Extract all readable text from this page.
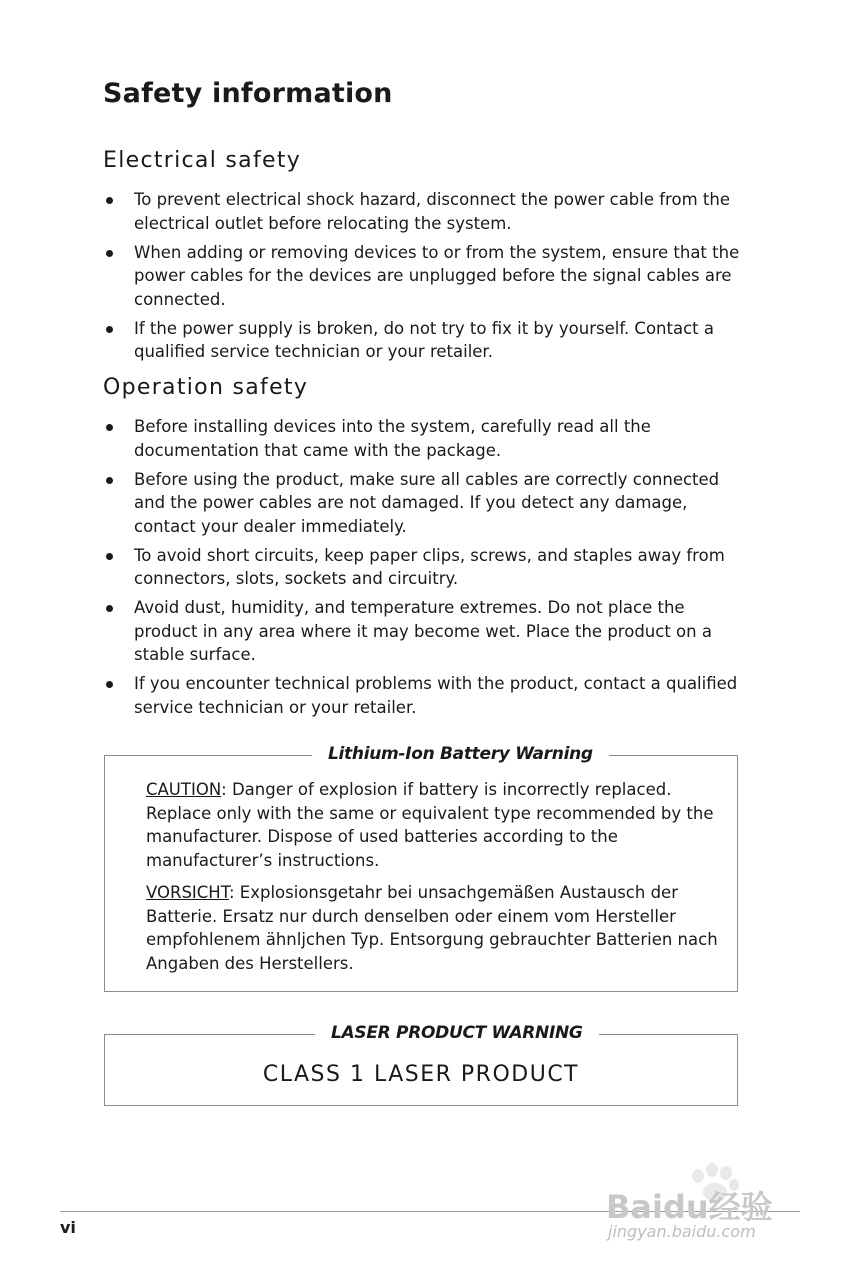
Safety information
Electrical safety
To prevent electrical shock hazard, disconnect the power cable from the electrical outlet before relocating the system.
When adding or removing devices to or from the system, ensure that the power cables for the devices are unplugged before the signal cables are connected.
If the power supply is broken, do not try to fix it by yourself. Contact a qualified service technician or your retailer.
Operation safety
Before installing devices into the system, carefully read all the documentation that came with the package.
Before using the product, make sure all cables are correctly connected and the power cables are not damaged. If you detect any damage, contact your dealer immediately.
To avoid short circuits, keep paper clips, screws, and staples away from connectors, slots, sockets and circuitry.
Avoid dust, humidity, and temperature extremes. Do not place the product in any area where it may become wet. Place the product on a stable surface.
If you encounter technical problems with the product, contact a qualified service technician or your retailer.
Lithium-Ion Battery Warning

CAUTION: Danger of explosion if battery is incorrectly replaced. Replace only with the same or equivalent type recommended by the manufacturer. Dispose of used batteries according to the manufacturer’s instructions.

VORSICHT: Explosionsgetahr bei unsachgemäßen Austausch der Batterie. Ersatz nur durch denselben oder einem vom Hersteller empfohlenem ähnljchen Typ. Entsorgung gebrauchter Batterien nach Angaben des Herstellers.

LASER PRODUCT WARNING
CLASS 1 LASER PRODUCT
vi
Baidu经验
jingyan.baidu.com
